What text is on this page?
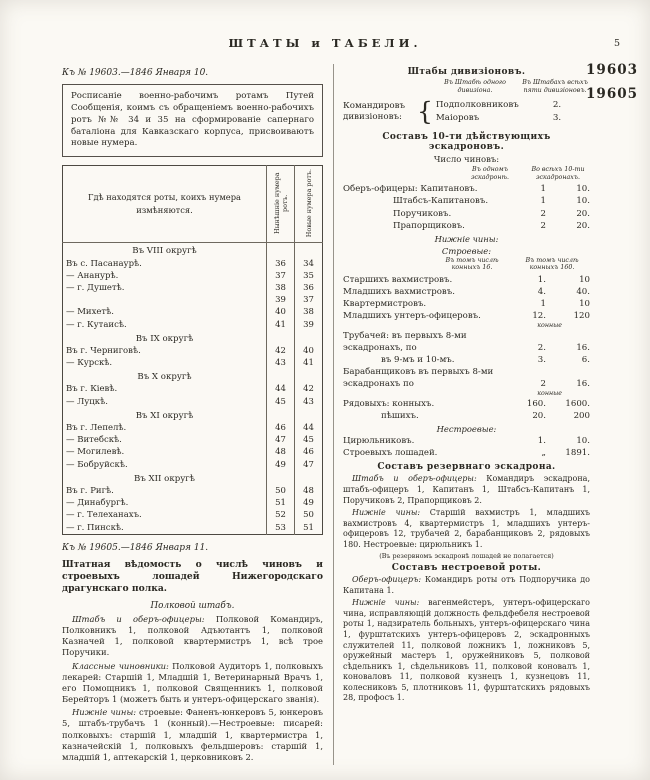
ШТАТЫ и ТАБЕЛИ.	5
19603
19605
Къ № 19603.—1846 Января 10.
Росписаніе военно-рабочимъ ротамъ Путей Сообщенія, коимъ съ обращеніемъ военно-рабочихъ ротъ №№ 34 и 35 на сформированіе сапернаго баталіона для Кавказскаго корпуса, присвоиваютъ новые нумера.
Гдѣ находятся роты, коихъ нумера измѣняются.	Нынѣшніе нумера ротъ.	Новые нумера ротъ.
Въ VIII округѣ		
Въ с. Пасанаурѣ.	36	34
— Ананурѣ.	37	35
— г. Душетѣ.	38	36
	39	37
— Михетѣ.	40	38
— г. Кутаисѣ.	41	39
Въ IX округѣ		
Въ г. Черниговѣ.	42	40
— Курскѣ.	43	41
Въ X округѣ		
Въ г. Кіевѣ.	44	42
— Луцкѣ.	45	43
Въ XI округѣ		
Въ г. Лепелѣ.	46	44
— Витебскѣ.	47	45
— Могилевѣ.	48	46
— Бобруйскѣ.	49	47
Въ XII округѣ		
Въ г. Ригѣ.	50	48
— Динабургѣ.	51	49
— г. Телеханахъ.	52	50
— г. Пинскѣ.	53	51
Къ № 19605.—1846 Января 11.
Штатная вѣдомость о числѣ чиновъ и строевыхъ лошадей Нижегородскаго драгунскаго полка.
Полковой штабъ.

Штабъ и оберъ-офицеры: Полковой Командиръ, Полковникъ 1, полковой Адъютантъ 1, полковой Казначей 1, полковой квартермистръ 1, всѣ трое Поручики.

Классные чиновники: Полковой Аудиторъ 1, полковыхъ лекарей: Старшій 1, Младшій 1, Ветеринарный Врачъ 1, его Помощникъ 1, полковой Священникъ 1, полковой Берейторъ 1 (можетъ быть и унтеръ-офицерскаго званія).

Нижніе чины: строевые: Фаненъ-юнкеровъ 5, юнкеровъ 5, штабъ-трубачъ 1 (конный).—Нестроевые: писарей: полковыхъ: старшій 1, младшій 1, квартермистра 1, казначейскій 1, полковыхъ фельдшеровъ: старшій 1, младшій 1, аптекарскій 1, церковниковъ 2.

Штабы дивизіоновъ.
Въ Штабѣ одного дивизіона.
Въ Штабахъ всѣхъ пяти дивизіоновъ.
Командировъ
дивизіоновъ: { Подполковниковъ	2.
Маіоровъ	3.
Составъ 10-ти дѣйствующихъ эскадроновъ.
Число чиновъ:
Въ одномъ эскадронѣ.
Во всѣхъ 10-ти эскадронахъ.
Оберъ-офицеры: Капитановъ.	1	10.
Штабсъ-Капитановъ.	1	10.
Поручиковъ.	2	20.
Прапорщиковъ.	2	20.
Нижніе чины:
Строевые:
Въ томъ числѣ конныхъ 16.
Въ томъ числѣ конныхъ 160.
Старшихъ вахмистровъ.	1.	10
Младшихъ вахмистровъ.	4.	40.
Квартермистровъ.	1	10
Младшихъ унтеръ-офицеровъ.	12.	120
конные
Трубачей: въ первыхъ 8-ми эскадронахъ, по	2.	16.
въ 9-мъ и 10-мъ.	3.	6.
Барабанщиковъ въ первыхъ 8-ми эскадронахъ по	2	16.
конные
Рядовыхъ: конныхъ.	160.	1600.
пѣшихъ.	20.	200
Нестроевые:
Цирюльниковъ.	1.	10.
Строевыхъ лошадей.	„	1891.
Составъ резервнаго эскадрона.

Штабъ и оберъ-офицеры: Командиръ эскадрона, штабъ-офицеръ 1, Капитанъ 1, Штабсъ-Капитанъ 1, Поручиковъ 2, Прапорщиковъ 2.

Нижніе чины: Старшій вахмистръ 1, младшихъ вахмистровъ 4, квартермистръ 1, младшихъ унтеръ-офицеровъ 12, трубачей 2, барабанщиковъ 2, рядовыхъ 180. Нестроевые: цирюльникъ 1.

(Въ резервномъ эскадронѣ лошадей не полагается)
Составъ нестроевой роты.

Оберъ-офицеръ: Командиръ роты отъ Подпоручика до Капитана 1.

Нижніе чины: вагенмейстеръ, унтеръ-офицерскаго чина, исправляющій должность фельдфебеля нестроевой роты 1, надзиратель больныхъ, унтеръ-офицерскаго чина 1, фурштатскихъ унтеръ-офицеровъ 2, эскадронныхъ служителей 11, полковой ложникъ 1, ложниковъ 5, оружейный мастеръ 1, оружейниковъ 5, полковой сѣдельникъ 1, сѣдельниковъ 11, полковой коновалъ 1, коноваловъ 11, полковой кузнецъ 1, кузнецовъ 11, колесниковъ 5, плотниковъ 11, фурштатскихъ рядовыхъ 28, профосъ 1.
